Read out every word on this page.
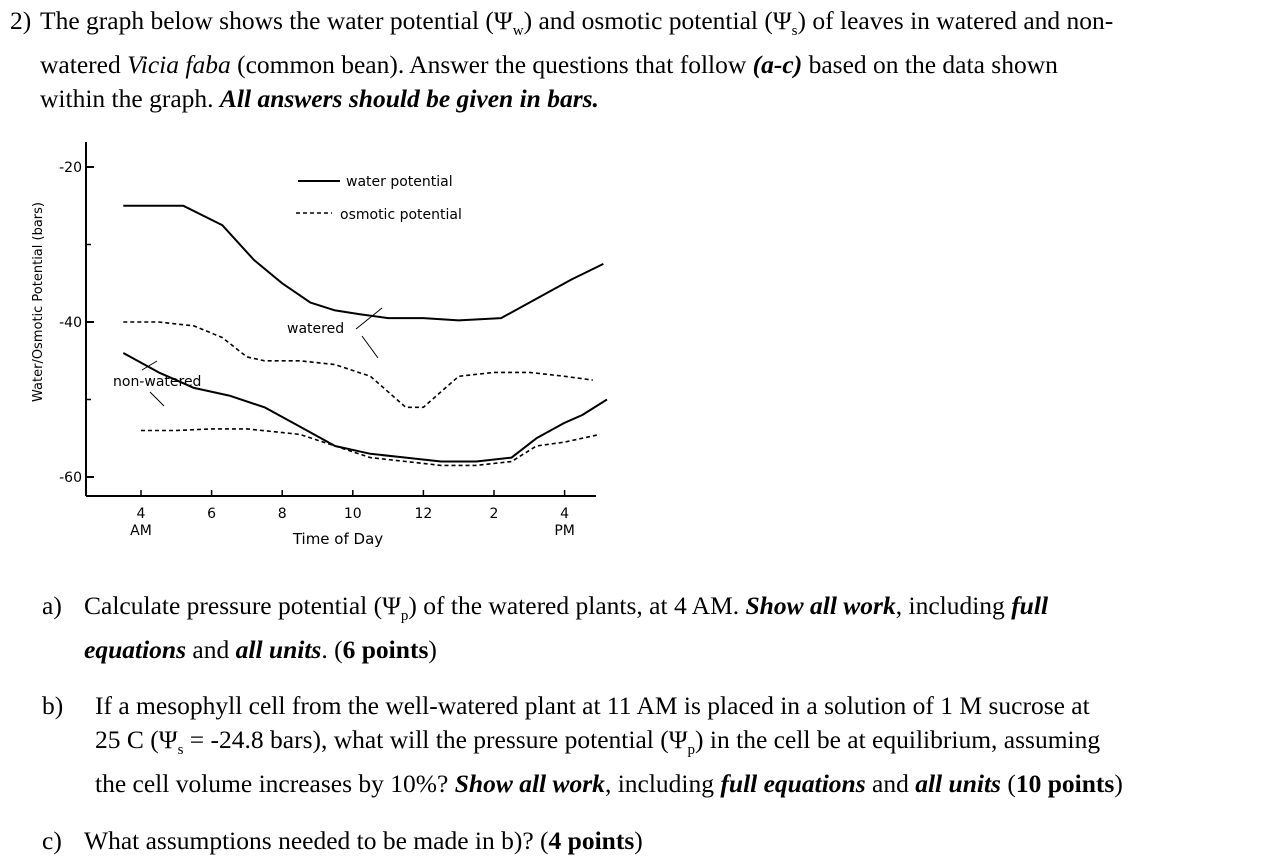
2) The graph below shows the water potential $(\Psi_w)$ and osmotic potential $(\Psi_s)$ of leaves in watered and non-
watered Vicia faba (common bean). Answer the questions that follow (a-c) based on the data shown
within the graph. All answers should be given in bars.
Water/Osmotic Potential (bars)
-20
-40
-60
4
AM
6	8	10	12	2	4
PM
Time of Day
water potential
osmotic potential
watered
non-watered
a) Calculate pressure potential $(\Psi_p)$ of the watered plants, at 4 AM. Show all work, including full
equations and all units. (6 points)
b) If a mesophyll cell from the well-watered plant at 11 AM is placed in a solution of 1 M sucrose at
25 C ($\Psi_s = -24.8$ bars), what will the pressure potential $(\Psi_p)$ in the cell be at equilibrium, assuming
the cell volume increases by 10%? Show all work, including full equations and all units (10 points)
c) What assumptions needed to be made in b)? (4 points)
